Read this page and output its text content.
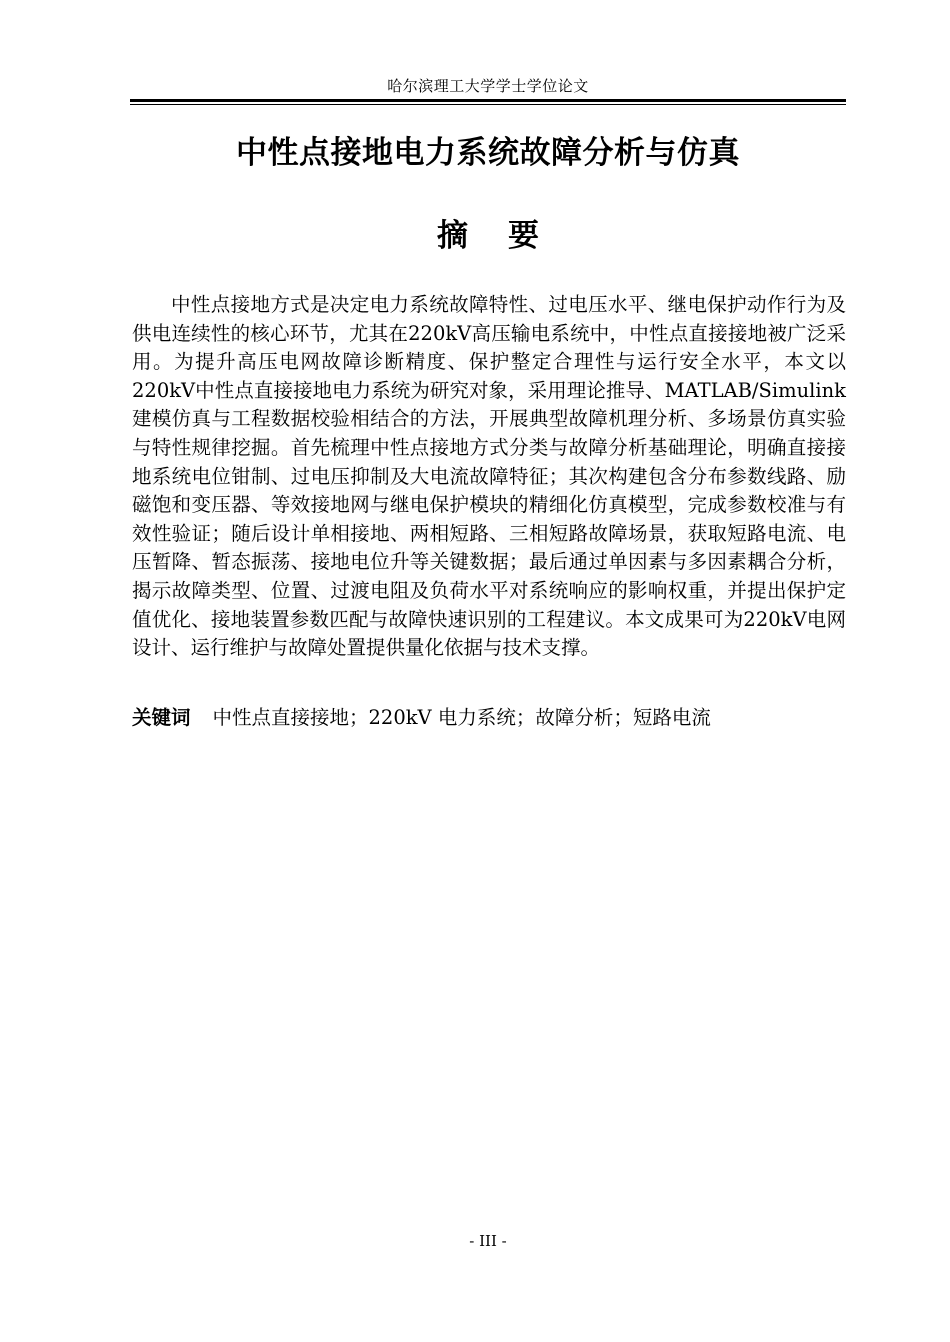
哈尔滨理工大学学士学位论文
中性点接地电力系统故障分析与仿真
摘 要

中性点接地方式是决定电力系统故障特性、过电压水平、继电保护动作行为及供电连续性的核心环节，尤其在220kV高压输电系统中，中性点直接接地被广泛采用。为提升高压电网故障诊断精度、保护整定合理性与运行安全水平，本文以220kV中性点直接接地电力系统为研究对象，采用理论推导、MATLAB/Simulink建模仿真与工程数据校验相结合的方法，开展典型故障机理分析、多场景仿真实验与特性规律挖掘。首先梳理中性点接地方式分类与故障分析基础理论，明确直接接地系统电位钳制、过电压抑制及大电流故障特征；其次构建包含分布参数线路、励磁饱和变压器、等效接地网与继电保护模块的精细化仿真模型，完成参数校准与有效性验证；随后设计单相接地、两相短路、三相短路故障场景，获取短路电流、电压暂降、暂态振荡、接地电位升等关键数据；最后通过单因素与多因素耦合分析，揭示故障类型、位置、过渡电阻及负荷水平对系统响应的影响权重，并提出保护定值优化、接地装置参数匹配与故障快速识别的工程建议。本文成果可为220kV电网设计、运行维护与故障处置提供量化依据与技术支撑。

关键词 中性点直接接地；220kV 电力系统；故障分析；短路电流
- III -
